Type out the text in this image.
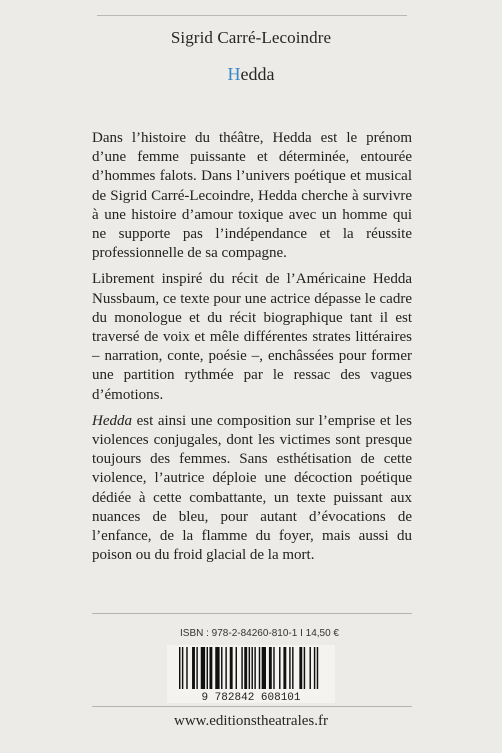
Sigrid Carré-Lecoindre
Hedda

Dans l’histoire du théâtre, Hedda est le prénom d’une femme puissante et déterminée, entourée d’hommes falots. Dans l’univers poétique et musical de Sigrid Carré-Lecoindre, Hedda cherche à survivre à une histoire d’amour toxique avec un homme qui ne supporte pas l’indépendance et la réussite professionnelle de sa compagne.

Librement inspiré du récit de l’Américaine Hedda Nussbaum, ce texte pour une actrice dépasse le cadre du monologue et du récit biographique tant il est traversé de voix et mêle différentes strates littéraires – narration, conte, poésie –, enchâssées pour former une partition rythmée par le ressac des vagues d’émotions.

Hedda est ainsi une composition sur l’emprise et les violences conjugales, dont les victimes sont presque toujours des femmes. Sans esthétisation de cette violence, l’autrice déploie une décoction poétique dédiée à cette combattante, un texte puissant aux nuances de bleu, pour autant d’évocations de l’enfance, de la flamme du foyer, mais aussi du poison ou du froid glacial de la mort.

ISBN : 978-2-84260-810-1 I 14,50 €
9 782842 608101
www.editionstheatrales.fr
